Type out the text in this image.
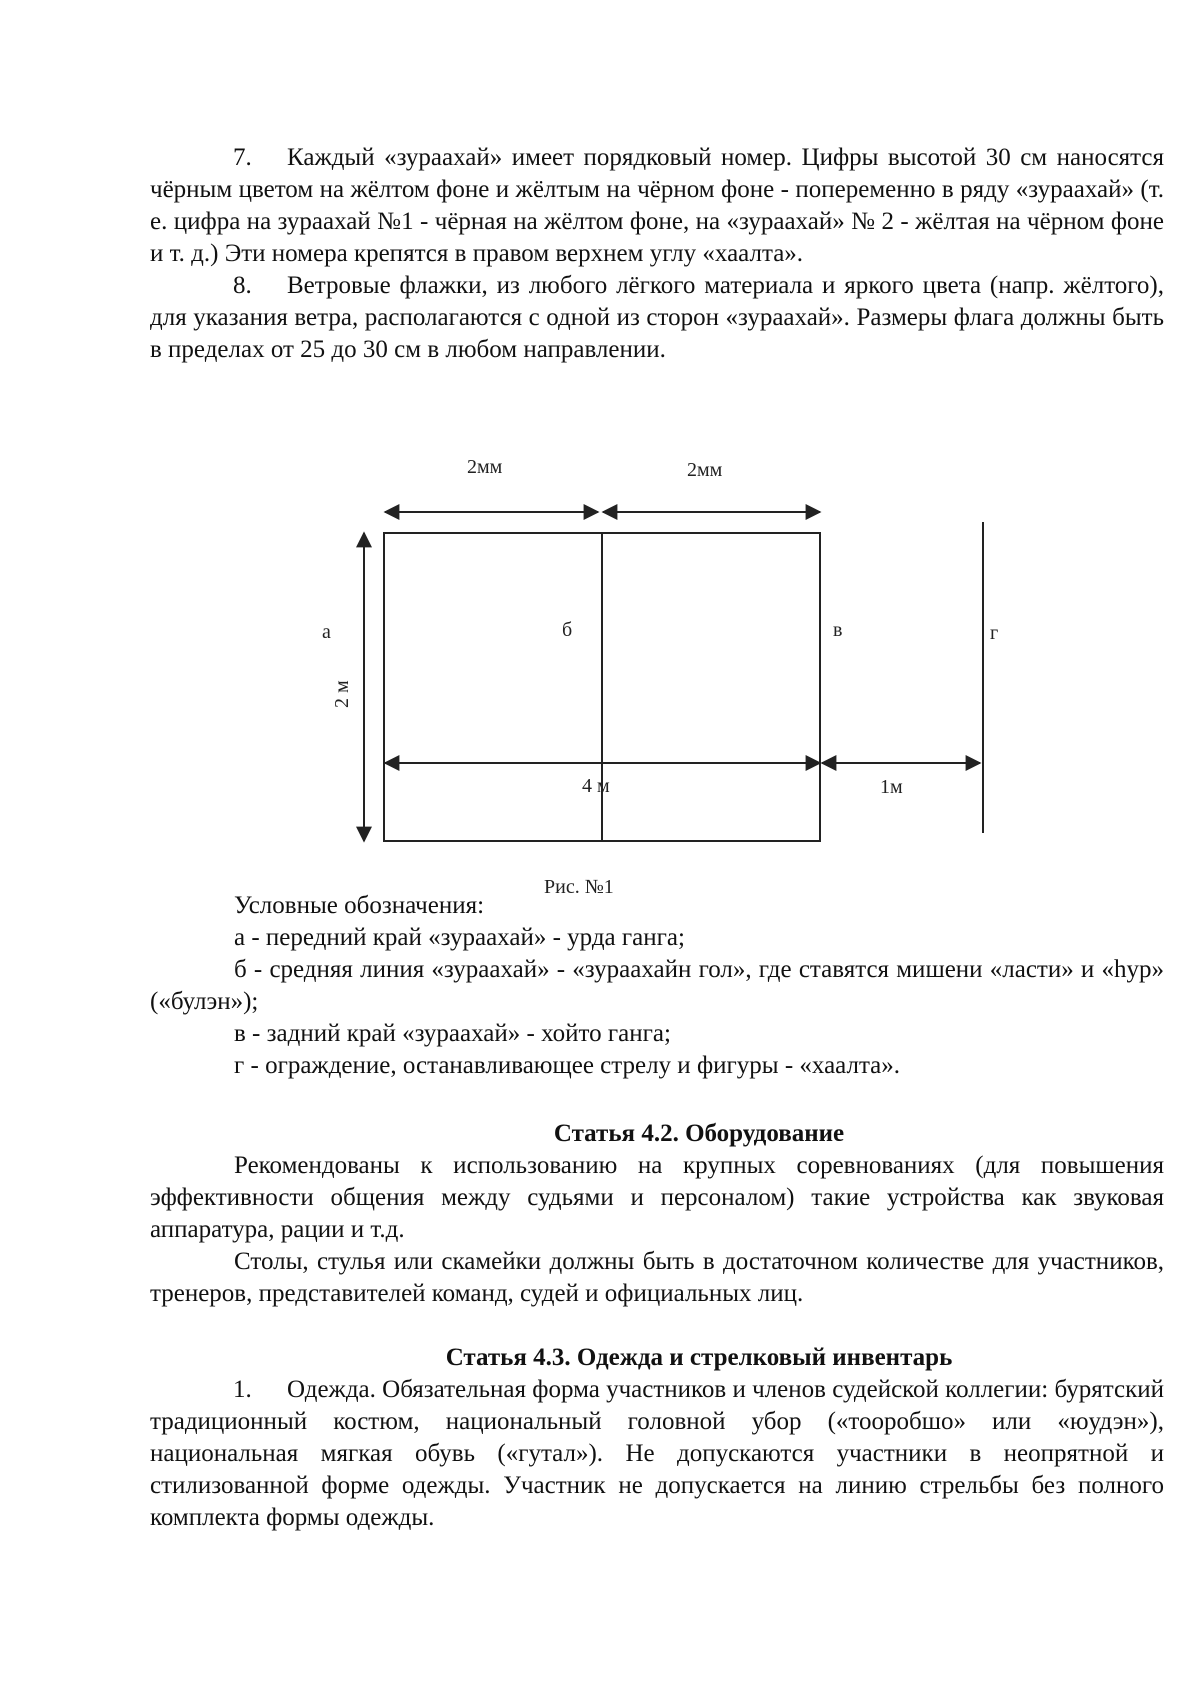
7. Каждый «зураахай» имеет порядковый номер. Цифры высотой 30 см наносятся чёрным цветом на жёлтом фоне и жёлтым на чёрном фоне - попеременно в ряду «зураахай» (т. е. цифра на зураахай №1 - чёрная на жёлтом фоне, на «зураахай» № 2 - жёлтая на чёрном фоне и т. д.) Эти номера крепятся в правом верхнем углу «хаалта».

8. Ветровые флажки, из любого лёгкого материала и яркого цвета (напр. жёлтого), для указания ветра, располагаются с одной из сторон «зураахай». Размеры флага должны быть в пределах от 25 до 30 см в любом направлении.

2мм	2мм
2 м
4 м	1м
а	б	в	г
Рис. №1

Условные обозначения:

а - передний край «зураахай» - урда ганга;

б - средняя линия «зураахай» - «зураахайн гол», где ставятся мишени «ласти» и «hур» («булэн»);

в - задний край «зураахай» - хойто ганга;

г - ограждение, останавливающее стрелу и фигуры - «хаалта».

Статья 4.2. Оборудование

Рекомендованы к использованию на крупных соревнованиях (для повышения эффективности общения между судьями и персоналом) такие устройства как звуковая аппаратура, рации и т.д.

Столы, стулья или скамейки должны быть в достаточном количестве для участников, тренеров, представителей команд, судей и официальных лиц.

Статья 4.3. Одежда и стрелковый инвентарь

1. Одежда. Обязательная форма участников и членов судейской коллегии: бурятский традиционный костюм, национальный головной убор («тооробшо» или «юудэн»), национальная мягкая обувь («гутал»). Не допускаются участники в неопрятной и стилизованной форме одежды. Участник не допускается на линию стрельбы без полного комплекта формы одежды.
